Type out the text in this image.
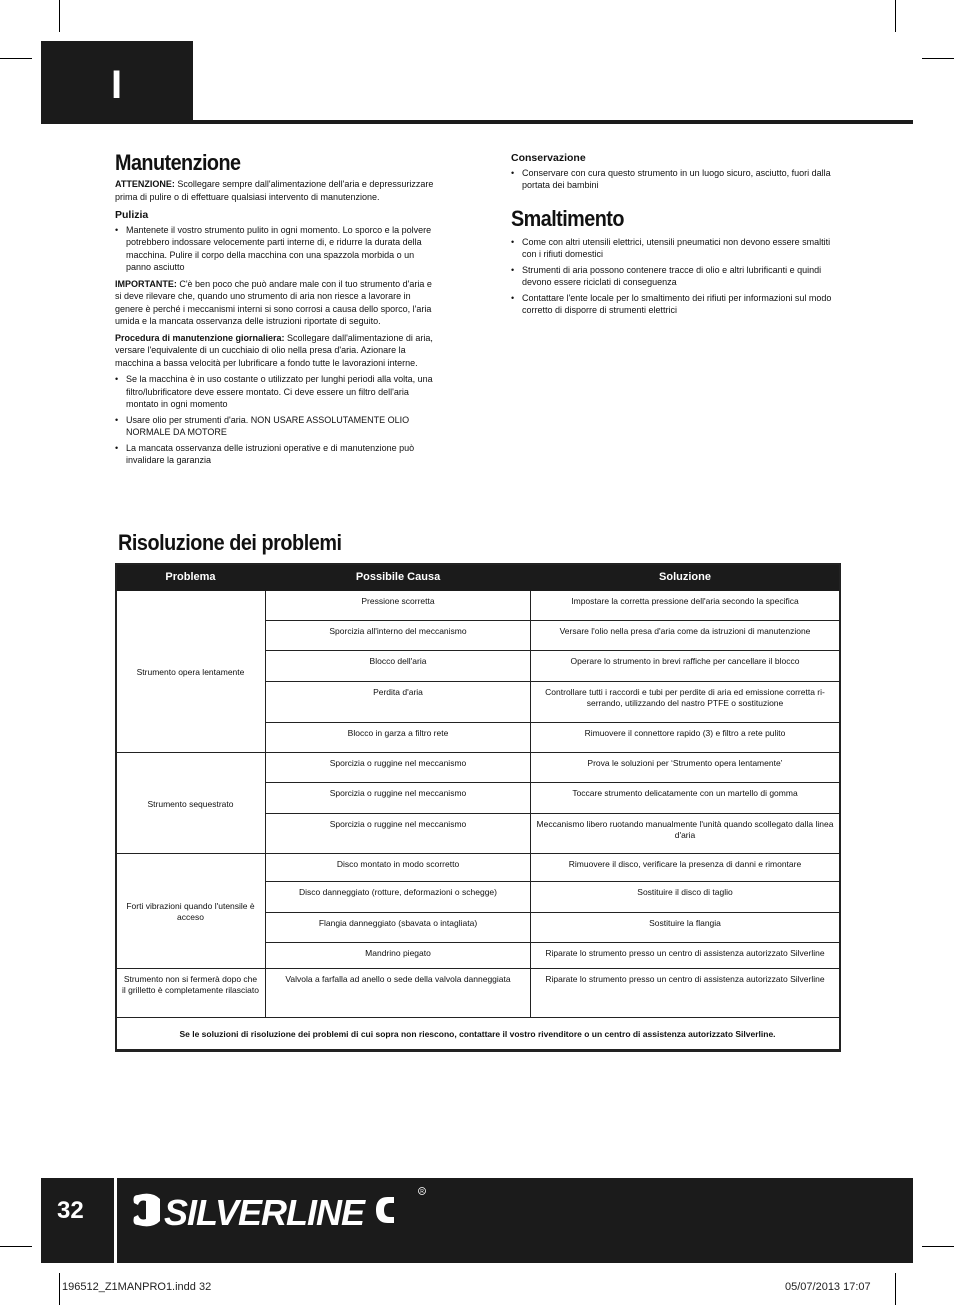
I
Manutenzione

ATTENZIONE: Scollegare sempre dall'alimentazione dell'aria e depressurizzare prima di pulire o di effettuare qualsiasi intervento di manutenzione.

Pulizia
• Mantenete il vostro strumento pulito in ogni momento. Lo sporco e la polvere potrebbero indossare velocemente parti interne di, e ridurre la durata della macchina. Pulire il corpo della macchina con una spazzola morbida o un panno asciutto

IMPORTANTE: C'è ben poco che può andare male con il tuo strumento d'aria e si deve rilevare che, quando uno strumento di aria non riesce a lavorare in genere è perché i meccanismi interni si sono corrosi a causa dello sporco, l'aria umida e la mancata osservanza delle istruzioni riportate di seguito.

Procedura di manutenzione giornaliera: Scollegare dall'alimentazione di aria, versare l'equivalente di un cucchiaio di olio nella presa d'aria. Azionare la macchina a bassa velocità per lubrificare a fondo tutte le lavorazioni interne.

• Se la macchina è in uso costante o utilizzato per lunghi periodi alla volta, una filtro/lubrificatore deve essere montato. Ci deve essere un filtro dell'aria montato in ogni momento
• Usare olio per strumenti d'aria. NON USARE ASSOLUTAMENTE OLIO NORMALE DA MOTORE
• La mancata osservanza delle istruzioni operative e di manutenzione può invalidare la garanzia
Conservazione
• Conservare con cura questo strumento in un luogo sicuro, asciutto, fuori dalla portata dei bambini
Smaltimento
• Come con altri utensili elettrici, utensili pneumatici non devono essere smaltiti con i rifiuti domestici
• Strumenti di aria possono contenere tracce di olio e altri lubrificanti e quindi devono essere riciclati di conseguenza
• Contattare l'ente locale per lo smaltimento dei rifiuti per informazioni sul modo corretto di disporre di strumenti elettrici
Risoluzione dei problemi
Problema	Possibile Causa	Soluzione
Strumento opera lentamente	Pressione scorretta	Impostare la corretta pressione dell'aria secondo la specifica
	Sporcizia all'interno del meccanismo	Versare l'olio nella presa d'aria come da istruzioni di manutenzione
	Blocco dell'aria	Operare lo strumento in brevi raffiche per cancellare il blocco
	Perdita d'aria	Controllare tutti i raccordi e tubi per perdite di aria ed emissione corretta ri-serrando, utilizzando del nastro PTFE o sostituzione
	Blocco in garza a filtro rete	Rimuovere il connettore rapido (3) e filtro a rete pulito
Strumento sequestrato	Sporcizia o ruggine nel meccanismo	Prova le soluzioni per ‘Strumento opera lentamente’
	Sporcizia o ruggine nel meccanismo	Toccare strumento delicatamente con un martello di gomma
	Sporcizia o ruggine nel meccanismo	Meccanismo libero ruotando manualmente l'unità quando scollegato dalla linea d'aria
Forti vibrazioni quando l'utensile è acceso	Disco montato in modo scorretto	Rimuovere il disco, verificare la presenza di danni e rimontare
	Disco danneggiato (rotture, deformazioni o schegge)	Sostituire il disco di taglio
	Flangia danneggiato (sbavata o intagliata)	Sostituire la flangia
	Mandrino piegato	Riparate lo strumento presso un centro di assistenza autorizzato Silverline
Strumento non si fermerà dopo che il grilletto è completamente rilasciato	Valvola a farfalla ad anello o sede della valvola danneggiata	Riparate lo strumento presso un centro di assistenza autorizzato Silverline
Se le soluzioni di risoluzione dei problemi di cui sopra non riescono, contattare il vostro rivenditore o un centro di assistenza autorizzato Silverline.		
32 SILVERLINE
R
196512_Z1MANPRO1.indd 32	05/07/2013 17:07
